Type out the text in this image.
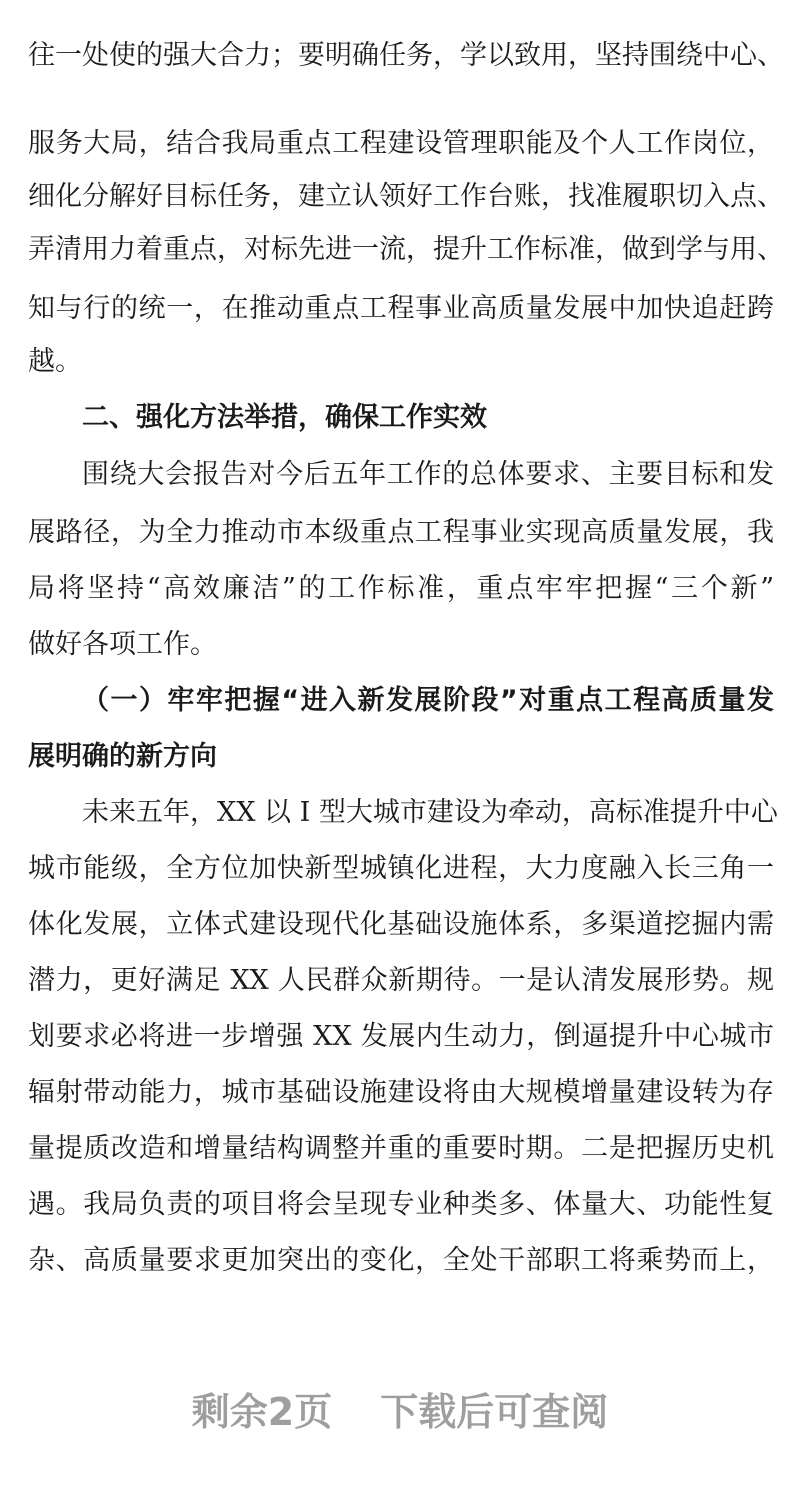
往一处使的强大合力；要明确任务，学以致用，坚持围绕中心、
服务大局，结合我局重点工程建设管理职能及个人工作岗位，
细化分解好目标任务，建立认领好工作台账，找准履职切入点、
弄清用力着重点，对标先进一流，提升工作标准，做到学与用、
知与行的统一，在推动重点工程事业高质量发展中加快追赶跨
越。
二、强化方法举措，确保工作实效
围绕大会报告对今后五年工作的总体要求、主要目标和发
展路径，为全力推动市本级重点工程事业实现高质量发展，我
局将坚持“高效廉洁”的工作标准，重点牢牢把握“三个新”
做好各项工作。
（一）牢牢把握“进入新发展阶段”对重点工程高质量发
展明确的新方向
未来五年，XX 以 I 型大城市建设为牵动，高标准提升中心
城市能级，全方位加快新型城镇化进程，大力度融入长三角一
体化发展，立体式建设现代化基础设施体系，多渠道挖掘内需
潜力，更好满足 XX 人民群众新期待。一是认清发展形势。规
划要求必将进一步增强 XX 发展内生动力，倒逼提升中心城市
辐射带动能力，城市基础设施建设将由大规模增量建设转为存
量提质改造和增量结构调整并重的重要时期。二是把握历史机
遇。我局负责的项目将会呈现专业种类多、体量大、功能性复
杂、高质量要求更加突出的变化，全处干部职工将乘势而上，
剩余2页 下载后可查阅
